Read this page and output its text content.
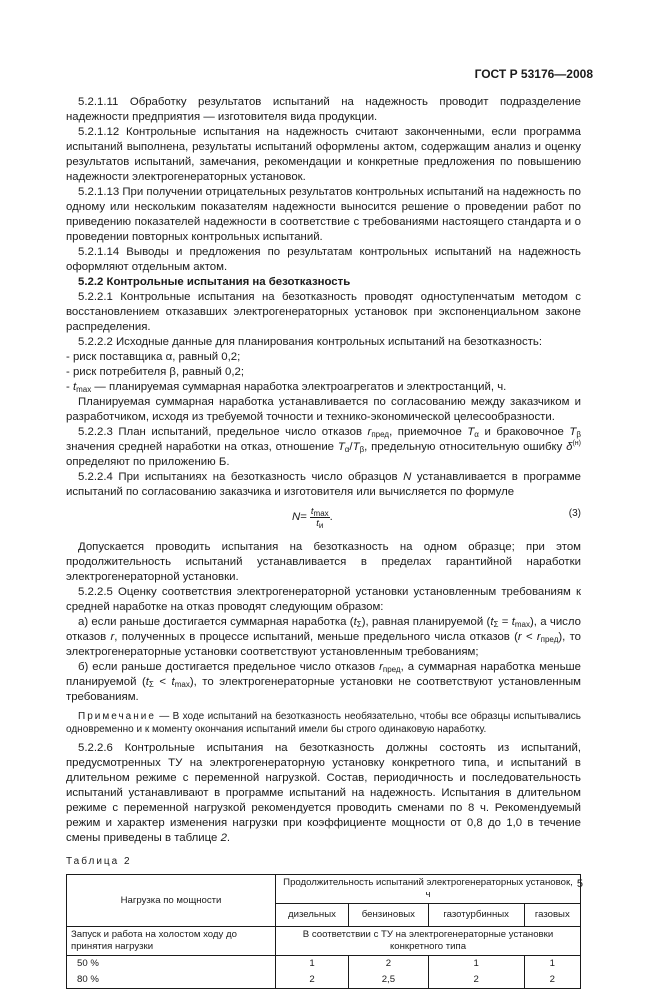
ГОСТ Р 53176—2008

5.2.1.11 Обработку результатов испытаний на надежность проводит подразделение надежности предприятия — изготовителя вида продукции.

5.2.1.12 Контрольные испытания на надежность считают законченными, если программа испытаний выполнена, результаты испытаний оформлены актом, содержащим анализ и оценку результатов испытаний, замечания, рекомендации и конкретные предложения по повышению надежности электрогенераторных установок.

5.2.1.13 При получении отрицательных результатов контрольных испытаний на надежность по одному или нескольким показателям надежности выносится решение о проведении работ по приведению показателей надежности в соответствие с требованиями настоящего стандарта и о проведении повторных контрольных испытаний.

5.2.1.14 Выводы и предложения по результатам контрольных испытаний на надежность оформляют отдельным актом.

5.2.2 Контрольные испытания на безотказность

5.2.2.1 Контрольные испытания на безотказность проводят одноступенчатым методом с восстановлением отказавших электрогенераторных установок при экспоненциальном законе распределения.

5.2.2.2 Исходные данные для планирования контрольных испытаний на безотказность:

- риск поставщика α, равный 0,2;

- риск потребителя β, равный 0,2;

- $t_{max}$ — планируемая суммарная наработка электроагрегатов и электростанций, ч.

Планируемая суммарная наработка устанавливается по согласованию между заказчиком и разработчиком, исходя из требуемой точности и технико-экономической целесообразности.

5.2.2.3 План испытаний, предельное число отказов $r_{пред}$, приемочное $T_\alpha$ и браковочное $T_\beta$ значения средней наработки на отказ, отношение $T_\alpha/T_\beta$, предельную относительную ошибку $\delta^{(н)}$ определяют по приложению Б.

5.2.2.4 При испытаниях на безотказность число образцов N устанавливается в программе испытаний по согласованию заказчика и изготовителя или вычисляется по формуле

$N = \frac{t_{max}}{t_и}$ .	(3)

Допускается проводить испытания на безотказность на одном образце; при этом продолжительность испытаний устанавливается в пределах гарантийной наработки электрогенераторной установки.

5.2.2.5 Оценку соответствия электрогенераторной установки установленным требованиям к средней наработке на отказ проводят следующим образом:

а) если раньше достигается суммарная наработка $(t_\Sigma)$, равная планируемой $(t_\Sigma = t_{max})$, а число отказов r, полученных в процессе испытаний, меньше предельного числа отказов $(r < r_{пред})$, то электрогенераторные установки соответствуют установленным требованиям;

б) если раньше достигается предельное число отказов $r_{пред}$, а суммарная наработка меньше планируемой $(t_\Sigma < t_{max})$, то электрогенераторные установки не соответствуют установленным требованиям.

Примечание — В ходе испытаний на безотказность необязательно, чтобы все образцы испытывались одновременно и к моменту окончания испытаний имели бы строго одинаковую наработку.

5.2.2.6 Контрольные испытания на безотказность должны состоять из испытаний, предусмотренных ТУ на электрогенераторную установку конкретного типа, и испытаний в длительном режиме с переменной нагрузкой. Состав, периодичность и последовательность испытаний устанавливают в программе испытаний на надежность. Испытания в длительном режиме с переменной нагрузкой рекомендуется проводить сменами по 8 ч. Рекомендуемый режим и характер изменения нагрузки при коэффициенте мощности от 0,8 до 1,0 в течение смены приведены в таблице 2.

Таблица 2
Нагрузка по мощности	Продолжительность испытаний электрогенераторных установок, ч			
	дизельных	бензиновых	газотурбинных	газовых
Запуск и работа на холостом ходу до принятия нагрузки	В соответствии с ТУ на электрогенераторные установки конкретного типа			
50 %	1	2	1	1
80 %	2	2,5	2	2
5
